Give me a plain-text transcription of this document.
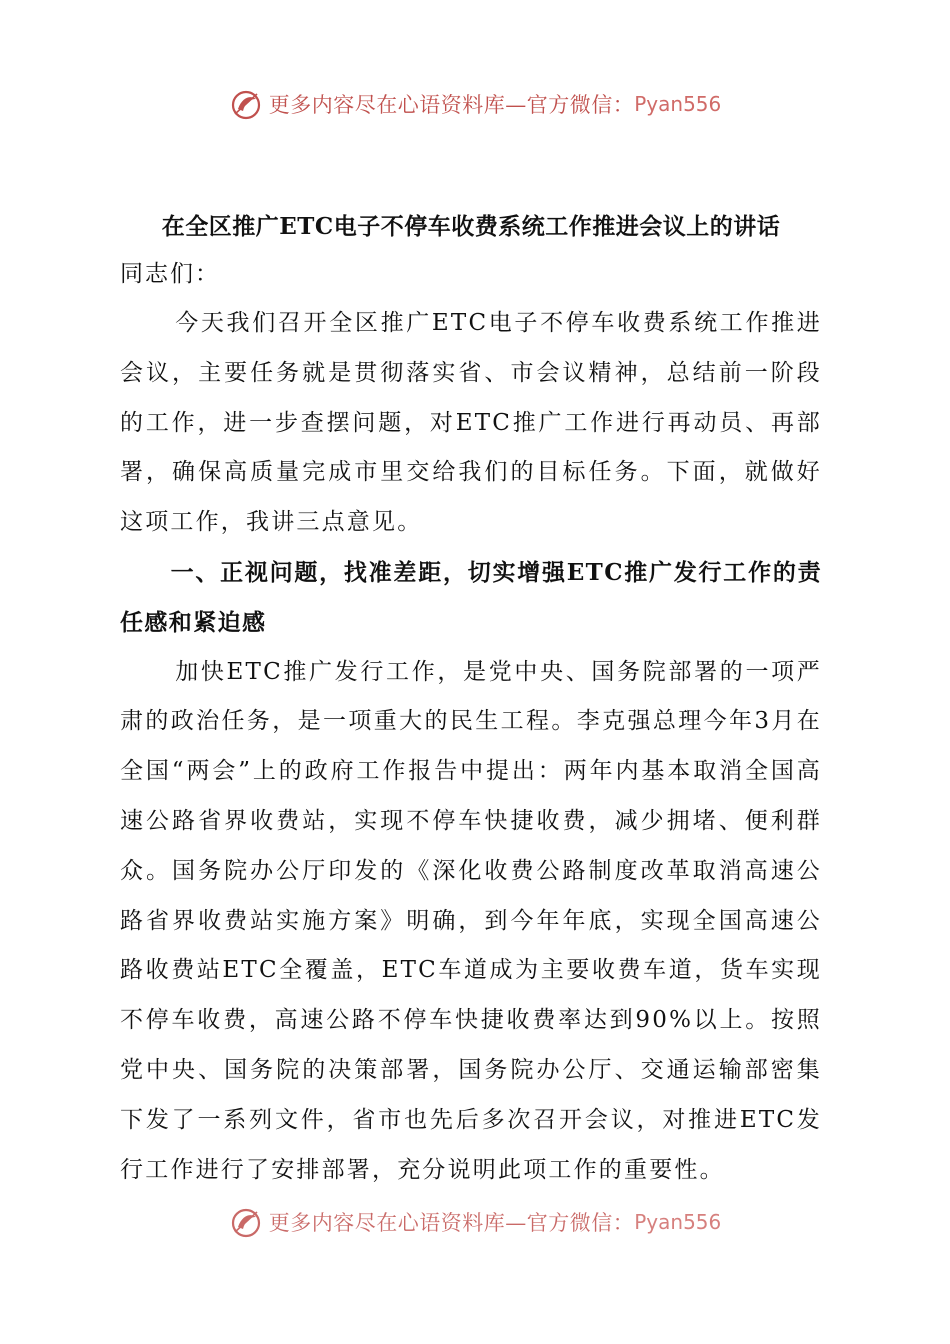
更多内容尽在心语资料库—官方微信： Pyan556
在全区推广ETC电子不停车收费系统工作推进会议上的讲话

同志们：

今天我们召开全区推广ETC电子不停车收费系统工作推进会议，主要任务就是贯彻落实省、市会议精神，总结前一阶段的工作，进一步查摆问题，对ETC推广工作进行再动员、再部署，确保高质量完成市里交给我们的目标任务。下面，就做好这项工作，我讲三点意见。

一、正视问题，找准差距，切实增强ETC推广发行工作的责任感和紧迫感

加快ETC推广发行工作，是党中央、国务院部署的一项严肃的政治任务，是一项重大的民生工程。李克强总理今年3月在全国“两会”上的政府工作报告中提出：两年内基本取消全国高速公路省界收费站，实现不停车快捷收费，减少拥堵、便利群众。国务院办公厅印发的《深化收费公路制度改革取消高速公路省界收费站实施方案》明确，到今年年底，实现全国高速公路收费站ETC全覆盖，ETC车道成为主要收费车道，货车实现不停车收费，高速公路不停车快捷收费率达到90%以上。按照党中央、国务院的决策部署，国务院办公厅、交通运输部密集下发了一系列文件，省市也先后多次召开会议，对推进ETC发行工作进行了安排部署，充分说明此项工作的重要性。

更多内容尽在心语资料库—官方微信： Pyan556
